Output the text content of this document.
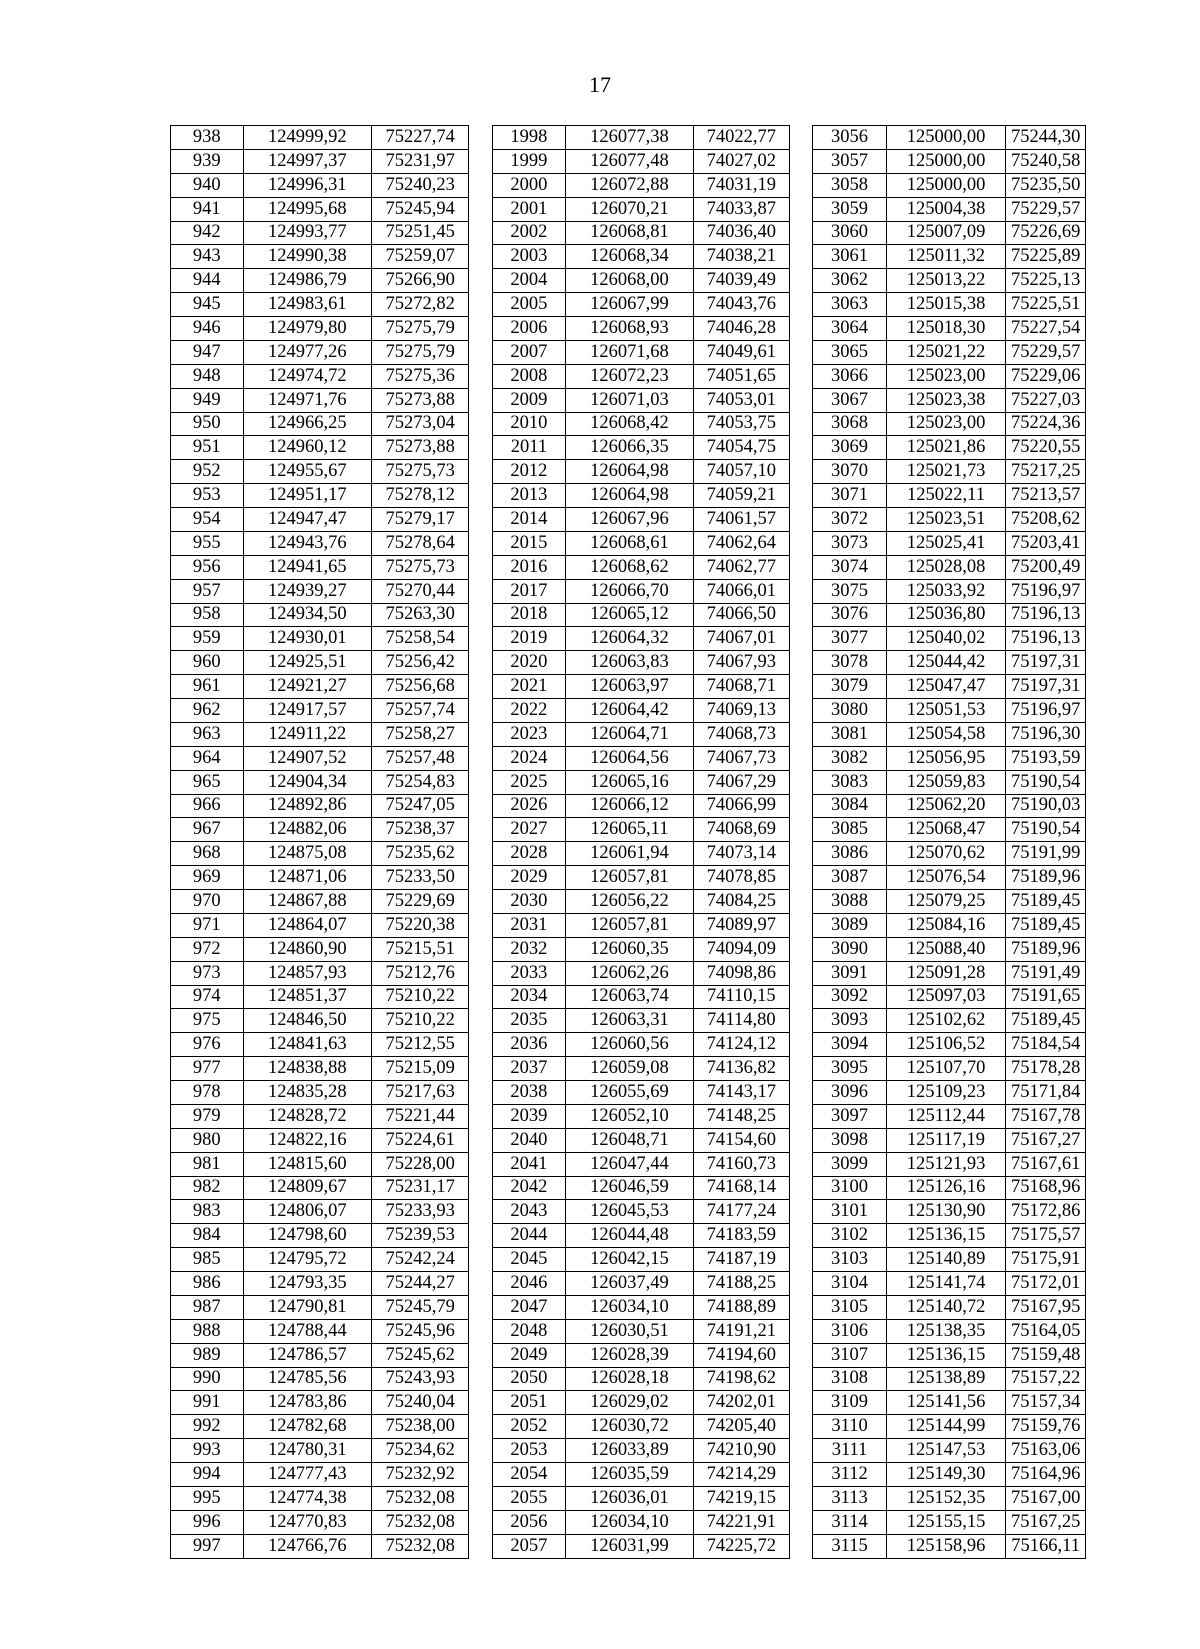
17
938	124999,92	75227,74		1998	126077,38	74022,77		3056	125000,00	75244,30
939	124997,37	75231,97		1999	126077,48	74027,02		3057	125000,00	75240,58
940	124996,31	75240,23		2000	126072,88	74031,19		3058	125000,00	75235,50
941	124995,68	75245,94		2001	126070,21	74033,87		3059	125004,38	75229,57
942	124993,77	75251,45		2002	126068,81	74036,40		3060	125007,09	75226,69
943	124990,38	75259,07		2003	126068,34	74038,21		3061	125011,32	75225,89
944	124986,79	75266,90		2004	126068,00	74039,49		3062	125013,22	75225,13
945	124983,61	75272,82		2005	126067,99	74043,76		3063	125015,38	75225,51
946	124979,80	75275,79		2006	126068,93	74046,28		3064	125018,30	75227,54
947	124977,26	75275,79		2007	126071,68	74049,61		3065	125021,22	75229,57
948	124974,72	75275,36		2008	126072,23	74051,65		3066	125023,00	75229,06
949	124971,76	75273,88		2009	126071,03	74053,01		3067	125023,38	75227,03
950	124966,25	75273,04		2010	126068,42	74053,75		3068	125023,00	75224,36
951	124960,12	75273,88		2011	126066,35	74054,75		3069	125021,86	75220,55
952	124955,67	75275,73		2012	126064,98	74057,10		3070	125021,73	75217,25
953	124951,17	75278,12		2013	126064,98	74059,21		3071	125022,11	75213,57
954	124947,47	75279,17		2014	126067,96	74061,57		3072	125023,51	75208,62
955	124943,76	75278,64		2015	126068,61	74062,64		3073	125025,41	75203,41
956	124941,65	75275,73		2016	126068,62	74062,77		3074	125028,08	75200,49
957	124939,27	75270,44		2017	126066,70	74066,01		3075	125033,92	75196,97
958	124934,50	75263,30		2018	126065,12	74066,50		3076	125036,80	75196,13
959	124930,01	75258,54		2019	126064,32	74067,01		3077	125040,02	75196,13
960	124925,51	75256,42		2020	126063,83	74067,93		3078	125044,42	75197,31
961	124921,27	75256,68		2021	126063,97	74068,71		3079	125047,47	75197,31
962	124917,57	75257,74		2022	126064,42	74069,13		3080	125051,53	75196,97
963	124911,22	75258,27		2023	126064,71	74068,73		3081	125054,58	75196,30
964	124907,52	75257,48		2024	126064,56	74067,73		3082	125056,95	75193,59
965	124904,34	75254,83		2025	126065,16	74067,29		3083	125059,83	75190,54
966	124892,86	75247,05		2026	126066,12	74066,99		3084	125062,20	75190,03
967	124882,06	75238,37		2027	126065,11	74068,69		3085	125068,47	75190,54
968	124875,08	75235,62		2028	126061,94	74073,14		3086	125070,62	75191,99
969	124871,06	75233,50		2029	126057,81	74078,85		3087	125076,54	75189,96
970	124867,88	75229,69		2030	126056,22	74084,25		3088	125079,25	75189,45
971	124864,07	75220,38		2031	126057,81	74089,97		3089	125084,16	75189,45
972	124860,90	75215,51		2032	126060,35	74094,09		3090	125088,40	75189,96
973	124857,93	75212,76		2033	126062,26	74098,86		3091	125091,28	75191,49
974	124851,37	75210,22		2034	126063,74	74110,15		3092	125097,03	75191,65
975	124846,50	75210,22		2035	126063,31	74114,80		3093	125102,62	75189,45
976	124841,63	75212,55		2036	126060,56	74124,12		3094	125106,52	75184,54
977	124838,88	75215,09		2037	126059,08	74136,82		3095	125107,70	75178,28
978	124835,28	75217,63		2038	126055,69	74143,17		3096	125109,23	75171,84
979	124828,72	75221,44		2039	126052,10	74148,25		3097	125112,44	75167,78
980	124822,16	75224,61		2040	126048,71	74154,60		3098	125117,19	75167,27
981	124815,60	75228,00		2041	126047,44	74160,73		3099	125121,93	75167,61
982	124809,67	75231,17		2042	126046,59	74168,14		3100	125126,16	75168,96
983	124806,07	75233,93		2043	126045,53	74177,24		3101	125130,90	75172,86
984	124798,60	75239,53		2044	126044,48	74183,59		3102	125136,15	75175,57
985	124795,72	75242,24		2045	126042,15	74187,19		3103	125140,89	75175,91
986	124793,35	75244,27		2046	126037,49	74188,25		3104	125141,74	75172,01
987	124790,81	75245,79		2047	126034,10	74188,89		3105	125140,72	75167,95
988	124788,44	75245,96		2048	126030,51	74191,21		3106	125138,35	75164,05
989	124786,57	75245,62		2049	126028,39	74194,60		3107	125136,15	75159,48
990	124785,56	75243,93		2050	126028,18	74198,62		3108	125138,89	75157,22
991	124783,86	75240,04		2051	126029,02	74202,01		3109	125141,56	75157,34
992	124782,68	75238,00		2052	126030,72	74205,40		3110	125144,99	75159,76
993	124780,31	75234,62		2053	126033,89	74210,90		3111	125147,53	75163,06
994	124777,43	75232,92		2054	126035,59	74214,29		3112	125149,30	75164,96
995	124774,38	75232,08		2055	126036,01	74219,15		3113	125152,35	75167,00
996	124770,83	75232,08		2056	126034,10	74221,91		3114	125155,15	75167,25
997	124766,76	75232,08		2057	126031,99	74225,72		3115	125158,96	75166,11
